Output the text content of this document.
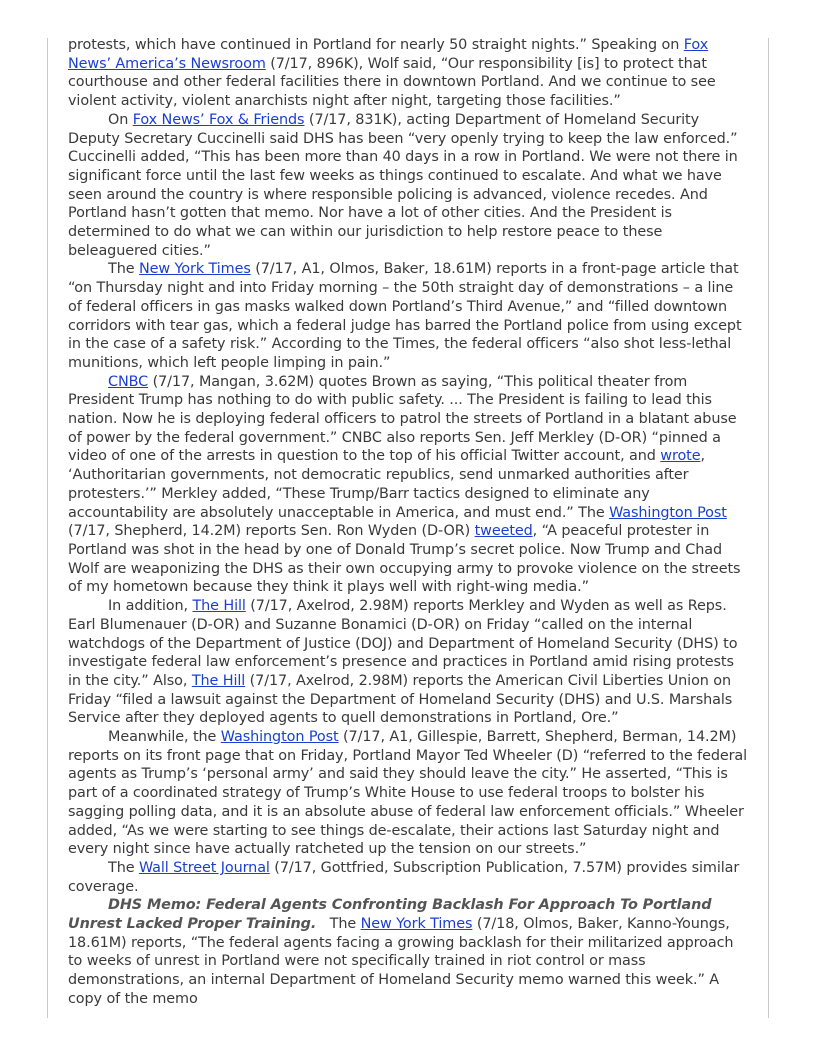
protests, which have continued in Portland for nearly 50 straight nights.” Speaking on Fox News’ America’s Newsroom (7/17, 896K), Wolf said, “Our responsibility [is] to protect that courthouse and other federal facilities there in downtown Portland. And we continue to see violent activity, violent anarchists night after night, targeting those facilities.”

On Fox News’ Fox & Friends (7/17, 831K), acting Department of Homeland Security Deputy Secretary Cuccinelli said DHS has been “very openly trying to keep the law enforced.” Cuccinelli added, “This has been more than 40 days in a row in Portland. We were not there in significant force until the last few weeks as things continued to escalate. And what we have seen around the country is where responsible policing is advanced, violence recedes. And Portland hasn’t gotten that memo. Nor have a lot of other cities. And the President is determined to do what we can within our jurisdiction to help restore peace to these beleaguered cities.”

The New York Times (7/17, A1, Olmos, Baker, 18.61M) reports in a front-page article that “on Thursday night and into Friday morning – the 50th straight day of demonstrations – a line of federal officers in gas masks walked down Portland’s Third Avenue,” and “filled downtown corridors with tear gas, which a federal judge has barred the Portland police from using except in the case of a safety risk.” According to the Times, the federal officers “also shot less-lethal munitions, which left people limping in pain.”

CNBC (7/17, Mangan, 3.62M) quotes Brown as saying, “This political theater from President Trump has nothing to do with public safety. ... The President is failing to lead this nation. Now he is deploying federal officers to patrol the streets of Portland in a blatant abuse of power by the federal government.” CNBC also reports Sen. Jeff Merkley (D-OR) “pinned a video of one of the arrests in question to the top of his official Twitter account, and wrote, ‘Authoritarian governments, not democratic republics, send unmarked authorities after protesters.’” Merkley added, “These Trump/Barr tactics designed to eliminate any accountability are absolutely unacceptable in America, and must end.” The Washington Post (7/17, Shepherd, 14.2M) reports Sen. Ron Wyden (D-OR) tweeted, “A peaceful protester in Portland was shot in the head by one of Donald Trump’s secret police. Now Trump and Chad Wolf are weaponizing the DHS as their own occupying army to provoke violence on the streets of my hometown because they think it plays well with right-wing media.”

In addition, The Hill (7/17, Axelrod, 2.98M) reports Merkley and Wyden as well as Reps. Earl Blumenauer (D-OR) and Suzanne Bonamici (D-OR) on Friday “called on the internal watchdogs of the Department of Justice (DOJ) and Department of Homeland Security (DHS) to investigate federal law enforcement’s presence and practices in Portland amid rising protests in the city.” Also, The Hill (7/17, Axelrod, 2.98M) reports the American Civil Liberties Union on Friday “filed a lawsuit against the Department of Homeland Security (DHS) and U.S. Marshals Service after they deployed agents to quell demonstrations in Portland, Ore.”

Meanwhile, the Washington Post (7/17, A1, Gillespie, Barrett, Shepherd, Berman, 14.2M) reports on its front page that on Friday, Portland Mayor Ted Wheeler (D) “referred to the federal agents as Trump’s ‘personal army’ and said they should leave the city.” He asserted, “This is part of a coordinated strategy of Trump’s White House to use federal troops to bolster his sagging polling data, and it is an absolute abuse of federal law enforcement officials.” Wheeler added, “As we were starting to see things de-escalate, their actions last Saturday night and every night since have actually ratcheted up the tension on our streets.”

The Wall Street Journal (7/17, Gottfried, Subscription Publication, 7.57M) provides similar coverage.

DHS Memo: Federal Agents Confronting Backlash For Approach To Portland Unrest Lacked Proper Training.   The New York Times (7/18, Olmos, Baker, Kanno-Youngs, 18.61M) reports, “The federal agents facing a growing backlash for their militarized approach to weeks of unrest in Portland were not specifically trained in riot control or mass demonstrations, an internal Department of Homeland Security memo warned this week.” A copy of the memo
